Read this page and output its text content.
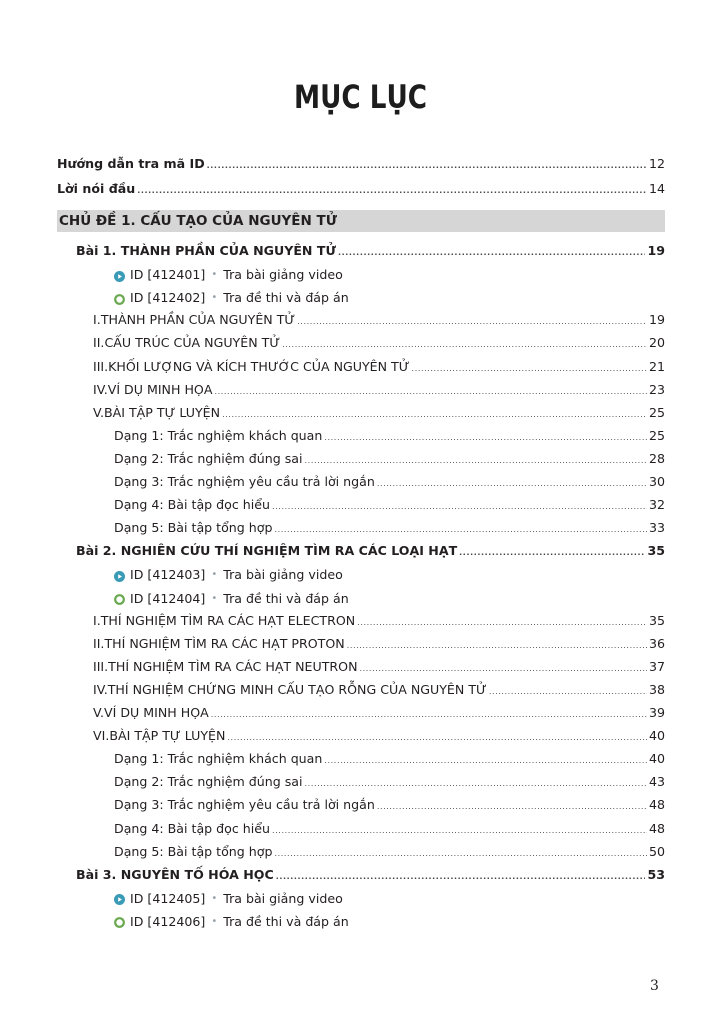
MỤC LỤC
Hướng dẫn tra mã ID .....	12
Lời nói đầu .....	14
CHỦ ĐỀ 1. CẤU TẠO CỦA NGUYÊN TỬ
Bài 1. THÀNH PHẦN CỦA NGUYÊN TỬ .....	19
ID [412401] • Tra bài giảng video
ID [412402] • Tra đề thi và đáp án
I. THÀNH PHẦN CỦA NGUYÊN TỬ .....	19
II. CẤU TRÚC CỦA NGUYÊN TỬ .....	20
III. KHỐI LƯỢNG VÀ KÍCH THƯỚC CỦA NGUYÊN TỬ .....	21
IV. VÍ DỤ MINH HỌA .....	23
V. BÀI TẬP TỰ LUYỆN .....	25
Dạng 1: Trắc nghiệm khách quan .....	25
Dạng 2: Trắc nghiệm đúng sai .....	28
Dạng 3: Trắc nghiệm yêu cầu trả lời ngắn .....	30
Dạng 4: Bài tập đọc hiểu .....	32
Dạng 5: Bài tập tổng hợp .....	33
Bài 2. NGHIÊN CỨU THÍ NGHIỆM TÌM RA CÁC LOẠI HẠT .....	35
ID [412403] • Tra bài giảng video
ID [412404] • Tra đề thi và đáp án
I. THÍ NGHIỆM TÌM RA CÁC HẠT ELECTRON .....	35
II. THÍ NGHIỆM TÌM RA CÁC HẠT PROTON .....	36
III. THÍ NGHIỆM TÌM RA CÁC HẠT NEUTRON .....	37
IV. THÍ NGHIỆM CHỨNG MINH CẤU TẠO RỖNG CỦA NGUYÊN TỬ .....	38
V. VÍ DỤ MINH HỌA .....	39
VI. BÀI TẬP TỰ LUYỆN .....	40
Dạng 1: Trắc nghiệm khách quan .....	40
Dạng 2: Trắc nghiệm đúng sai .....	43
Dạng 3: Trắc nghiệm yêu cầu trả lời ngắn .....	48
Dạng 4: Bài tập đọc hiểu .....	48
Dạng 5: Bài tập tổng hợp .....	50
Bài 3. NGUYÊN TỐ HÓA HỌC .....	53
ID [412405] • Tra bài giảng video
ID [412406] • Tra đề thi và đáp án
3
